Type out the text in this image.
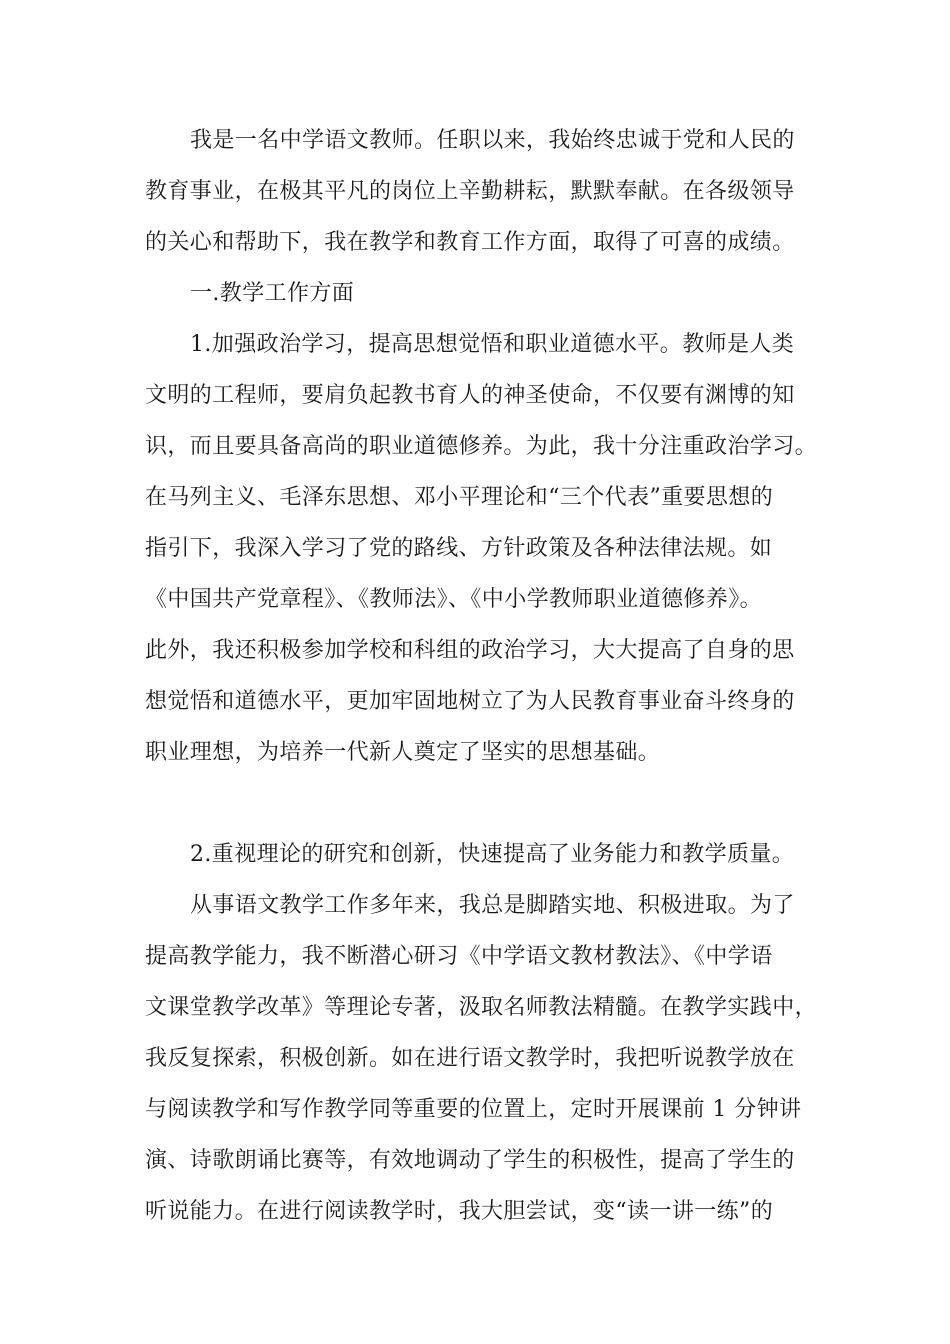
我是一名中学语文教师。任职以来，我始终忠诚于党和人民的
教育事业，在极其平凡的岗位上辛勤耕耘，默默奉献。在各级领导
的关心和帮助下，我在教学和教育工作方面，取得了可喜的成绩。
一.教学工作方面
1.加强政治学习，提高思想觉悟和职业道德水平。教师是人类
文明的工程师，要肩负起教书育人的神圣使命，不仅要有渊博的知
识，而且要具备高尚的职业道德修养。为此，我十分注重政治学习。
在马列主义、毛泽东思想、邓小平理论和“三个代表”重要思想的
指引下，我深入学习了党的路线、方针政策及各种法律法规。如
《中国共产党章程》、《教师法》、《中小学教师职业道德修养》。
此外，我还积极参加学校和科组的政治学习，大大提高了自身的思
想觉悟和道德水平，更加牢固地树立了为人民教育事业奋斗终身的
职业理想，为培养一代新人奠定了坚实的思想基础。
2.重视理论的研究和创新，快速提高了业务能力和教学质量。
从事语文教学工作多年来，我总是脚踏实地、积极进取。为了
提高教学能力，我不断潜心研习《中学语文教材教法》、《中学语
文课堂教学改革》等理论专著，汲取名师教法精髓。在教学实践中，
我反复探索，积极创新。如在进行语文教学时，我把听说教学放在
与阅读教学和写作教学同等重要的位置上，定时开展课前 1 分钟讲
演、诗歌朗诵比赛等，有效地调动了学生的积极性，提高了学生的
听说能力。在进行阅读教学时，我大胆尝试，变“读一讲一练”的
